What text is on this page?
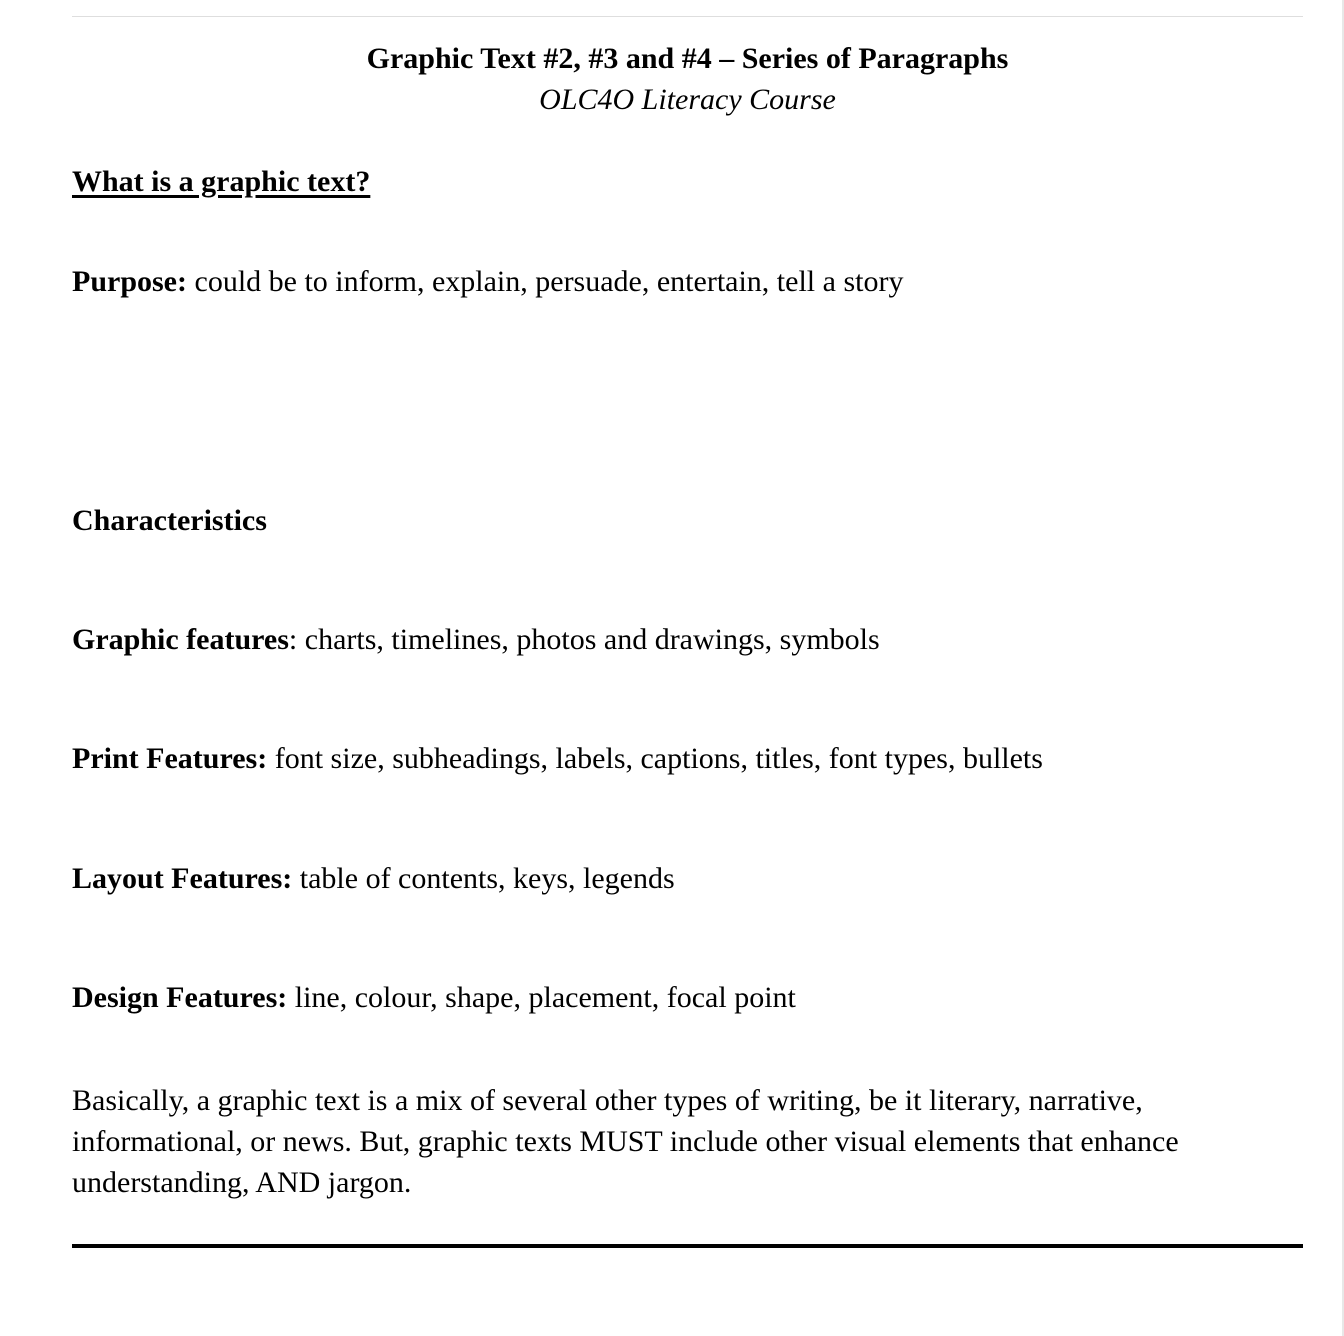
Graphic Text #2, #3 and #4 – Series of Paragraphs
OLC4O Literacy Course
What is a graphic text?
Purpose: could be to inform, explain, persuade, entertain, tell a story
Characteristics
Graphic features: charts, timelines, photos and drawings, symbols
Print Features: font size, subheadings, labels, captions, titles, font types, bullets
Layout Features: table of contents, keys, legends
Design Features: line, colour, shape, placement, focal point
Basically, a graphic text is a mix of several other types of writing, be it literary, narrative, informational, or news. But, graphic texts MUST include other visual elements that enhance understanding, AND jargon.
